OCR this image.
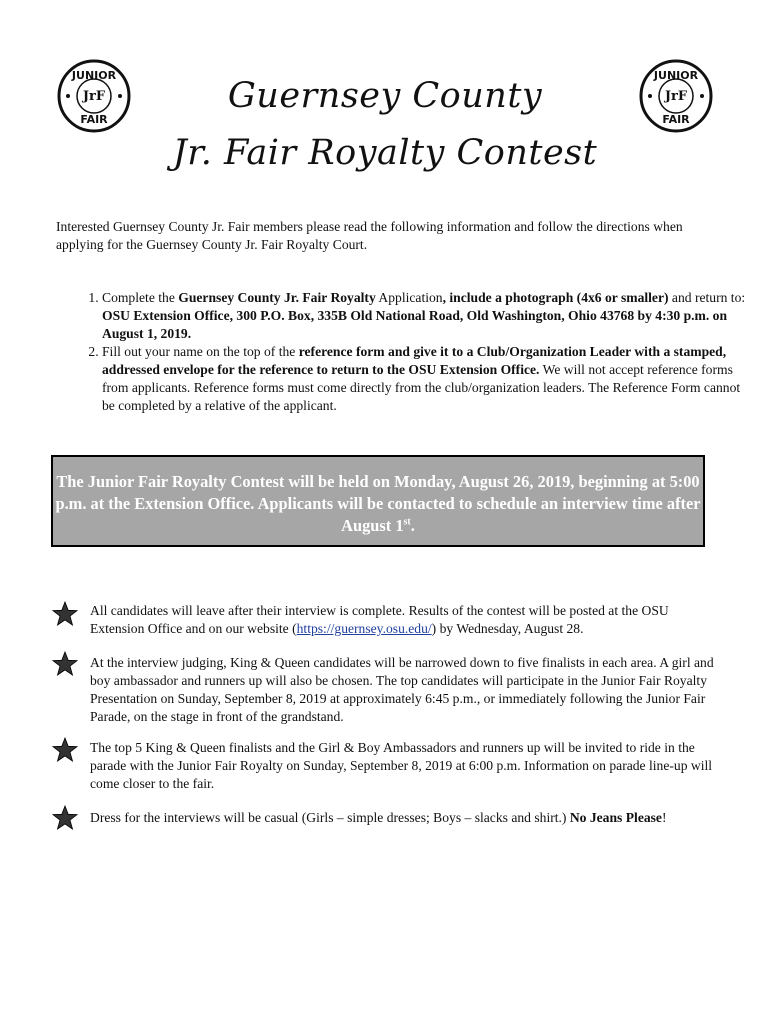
JUNIOR
JrF
FAIR
JUNIOR
JrF
FAIR
Guernsey County
Jr. Fair Royalty Contest
Interested Guernsey County Jr. Fair members please read the following information and follow the directions when applying for the Guernsey County Jr. Fair Royalty Court.
1. Complete the Guernsey County Jr. Fair Royalty Application, include a photograph (4x6 or smaller) and return to: OSU Extension Office, 300 P.O. Box, 335B Old National Road, Old Washington, Ohio 43768 by 4:30 p.m. on August 1, 2019.
2. Fill out your name on the top of the reference form and give it to a Club/Organization Leader with a stamped, addressed envelope for the reference to return to the OSU Extension Office. We will not accept reference forms from applicants. Reference forms must come directly from the club/organization leaders. The Reference Form cannot be completed by a relative of the applicant.
The Junior Fair Royalty Contest will be held on Monday, August 26, 2019, beginning at 5:00 p.m. at the Extension Office. Applicants will be contacted to schedule an interview time after August 1st.
All candidates will leave after their interview is complete. Results of the contest will be posted at the OSU Extension Office and on our website (https://guernsey.osu.edu/) by Wednesday, August 28.
At the interview judging, King & Queen candidates will be narrowed down to five finalists in each area. A girl and boy ambassador and runners up will also be chosen. The top candidates will participate in the Junior Fair Royalty Presentation on Sunday, September 8, 2019 at approximately 6:45 p.m., or immediately following the Junior Fair Parade, on the stage in front of the grandstand.
The top 5 King & Queen finalists and the Girl & Boy Ambassadors and runners up will be invited to ride in the parade with the Junior Fair Royalty on Sunday, September 8, 2019 at 6:00 p.m. Information on parade line-up will come closer to the fair.
Dress for the interviews will be casual (Girls – simple dresses; Boys – slacks and shirt.) No Jeans Please!
